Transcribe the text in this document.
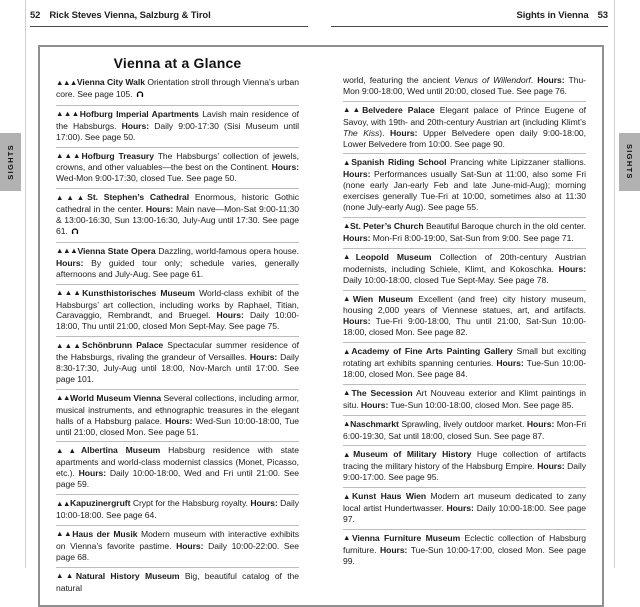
52 Rick Steves Vienna, Salzburg & Tirol	Sights in Vienna 53
SIGHTS	SIGHTS
Vienna at a Glance
▲▲▲Vienna City Walk Orientation stroll through Vienna’s urban core. See page 105.
▲▲▲Hofburg Imperial Apartments Lavish main residence of the Habsburgs. Hours: Daily 9:00-17:30 (Sisi Museum until 17:00). See page 50.
▲▲▲Hofburg Treasury The Habsburgs’ collection of jewels, crowns, and other valuables—the best on the Continent. Hours: Wed-Mon 9:00-17:30, closed Tue. See page 50.
▲▲▲St. Stephen’s Cathedral Enormous, historic Gothic cathedral in the center. Hours: Main nave—Mon-Sat 9:00-11:30 & 13:00-16:30, Sun 13:00-16:30, July-Aug until 17:30. See page 61.
▲▲▲Vienna State Opera Dazzling, world-famous opera house. Hours: By guided tour only; schedule varies, generally afternoons and July-Aug. See page 61.
▲▲▲Kunsthistorisches Museum World-class exhibit of the Habsburgs’ art collection, including works by Raphael, Titian, Caravaggio, Rembrandt, and Bruegel. Hours: Daily 10:00-18:00, Thu until 21:00, closed Mon Sept-May. See page 75.
▲▲▲Schönbrunn Palace Spectacular summer residence of the Habsburgs, rivaling the grandeur of Versailles. Hours: Daily 8:30-17:30, July-Aug until 18:00, Nov-March until 17:00. See page 101.
▲▲World Museum Vienna Several collections, including armor, musical instruments, and ethnographic treasures in the elegant halls of a Habsburg palace. Hours: Wed-Sun 10:00-18:00, Tue until 21:00, closed Mon. See page 51.
▲▲Albertina Museum Habsburg residence with state apartments and world-class modernist classics (Monet, Picasso, etc.). Hours: Daily 10:00-18:00, Wed and Fri until 21:00. See page 59.
▲▲Kapuzinergruft Crypt for the Habsburg royalty. Hours: Daily 10:00-18:00. See page 64.
▲▲Haus der Musik Modern museum with interactive exhibits on Vienna’s favorite pastime. Hours: Daily 10:00-22:00. See page 68.
▲▲Natural History Museum Big, beautiful catalog of the natural
world, featuring the ancient Venus of Willendorf. Hours: Thu-Mon 9:00-18:00, Wed until 20:00, closed Tue. See page 76.
▲▲Belvedere Palace Elegant palace of Prince Eugene of Savoy, with 19th- and 20th-century Austrian art (including Klimt’s The Kiss). Hours: Upper Belvedere open daily 9:00-18:00, Lower Belvedere from 10:00. See page 90.
▲Spanish Riding School Prancing white Lipizzaner stallions. Hours: Performances usually Sat-Sun at 11:00, also some Fri (none early Jan-early Feb and late June-mid-Aug); morning exercises generally Tue-Fri at 10:00, sometimes also at 11:30 (none July-early Aug). See page 55.
▲St. Peter’s Church Beautiful Baroque church in the old center. Hours: Mon-Fri 8:00-19:00, Sat-Sun from 9:00. See page 71.
▲Leopold Museum Collection of 20th-century Austrian modernists, including Schiele, Klimt, and Kokoschka. Hours: Daily 10:00-18:00, closed Tue Sept-May. See page 78.
▲Wien Museum Excellent (and free) city history museum, housing 2,000 years of Viennese statues, art, and artifacts. Hours: Tue-Fri 9:00-18:00, Thu until 21:00, Sat-Sun 10:00-18:00, closed Mon. See page 82.
▲Academy of Fine Arts Painting Gallery Small but exciting rotating art exhibits spanning centuries. Hours: Tue-Sun 10:00-18:00, closed Mon. See page 84.
▲The Secession Art Nouveau exterior and Klimt paintings in situ. Hours: Tue-Sun 10:00-18:00, closed Mon. See page 85.
▲Naschmarkt Sprawling, lively outdoor market. Hours: Mon-Fri 6:00-19:30, Sat until 18:00, closed Sun. See page 87.
▲Museum of Military History Huge collection of artifacts tracing the military history of the Habsburg Empire. Hours: Daily 9:00-17:00. See page 95.
▲Kunst Haus Wien Modern art museum dedicated to zany local artist Hundertwasser. Hours: Daily 10:00-18:00. See page 97.
▲Vienna Furniture Museum Eclectic collection of Habsburg furniture. Hours: Tue-Sun 10:00-17:00, closed Mon. See page 99.
